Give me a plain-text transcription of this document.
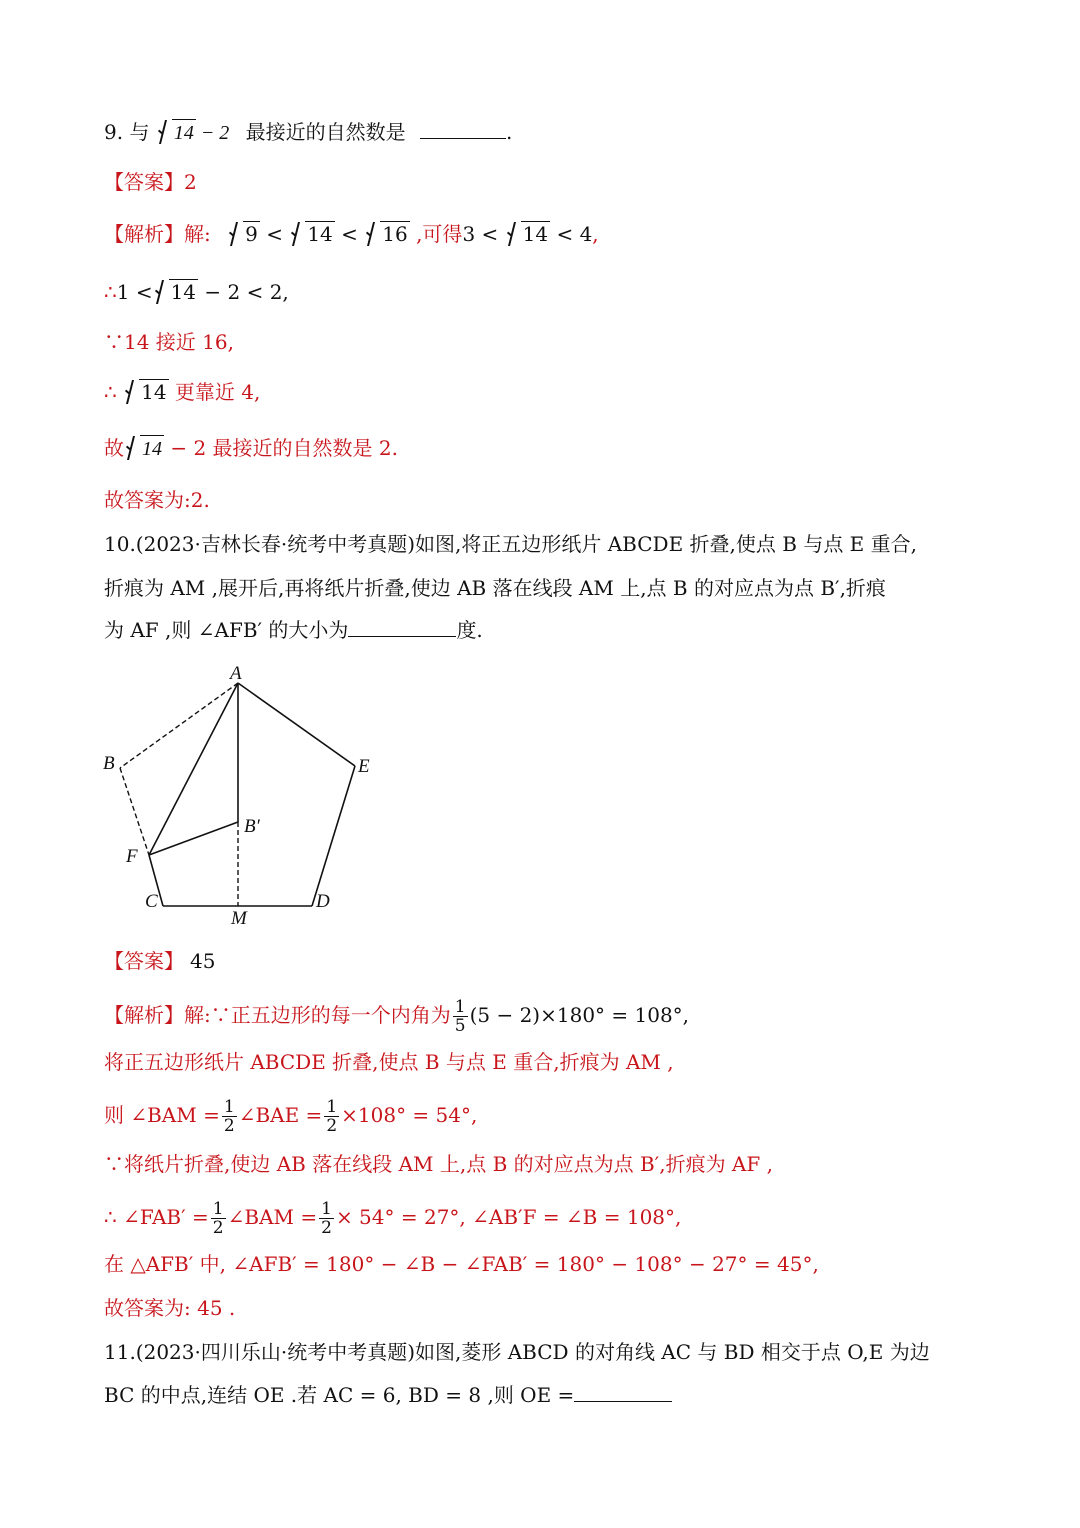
9. 与 14 − 2 最接近的自然数是	.
【答案】2
【解析】解: 9 < 14 < 16 ,可得3 < 14 < 4,
∴1 < 14 − 2 < 2,
∵14 接近 16,
∴ 14 更靠近 4,
故 14 − 2 最接近的自然数是 2.
故答案为:2.
10.(2023·吉林长春·统考中考真题)如图,将正五边形纸片 ABCDE 折叠,使点 B 与点 E 重合,
折痕为 AM ,展开后,再将纸片折叠,使边 AB 落在线段 AM 上,点 B 的对应点为点 B′,折痕
为 AF ,则 ∠AFB′ 的大小为	度.
A
B	E
B′
F
C	D
M
【答案】 45
【解析】解:∵正五边形的每一个内角为 $\frac{1}{5} (5 - 2)\times 180^\circ = 108^\circ$,
将正五边形纸片 ABCDE 折叠,使点 B 与点 E 重合,折痕为 AM ,
则 ∠BAM = $\frac{1}{2}$ ∠BAE = $\frac{1}{2} \times 108^\circ = 54^\circ$,
∵将纸片折叠,使边 AB 落在线段 AM 上,点 B 的对应点为点 B′,折痕为 AF ,
∴ ∠FAB′ = $\frac{1}{2}$ ∠BAM = $\frac{1}{2} \times 54^\circ = 27^\circ$, ∠AB′F = ∠B = 108°,
在 △AFB′ 中, ∠AFB′ = 180° − ∠B − ∠FAB′ = 180° − 108° − 27° = 45°,
故答案为: 45 .
11.(2023·四川乐山·统考中考真题)如图,菱形 ABCD 的对角线 AC 与 BD 相交于点 O,E 为边
BC 的中点,连结 OE .若 AC = 6, BD = 8 ,则 OE =
